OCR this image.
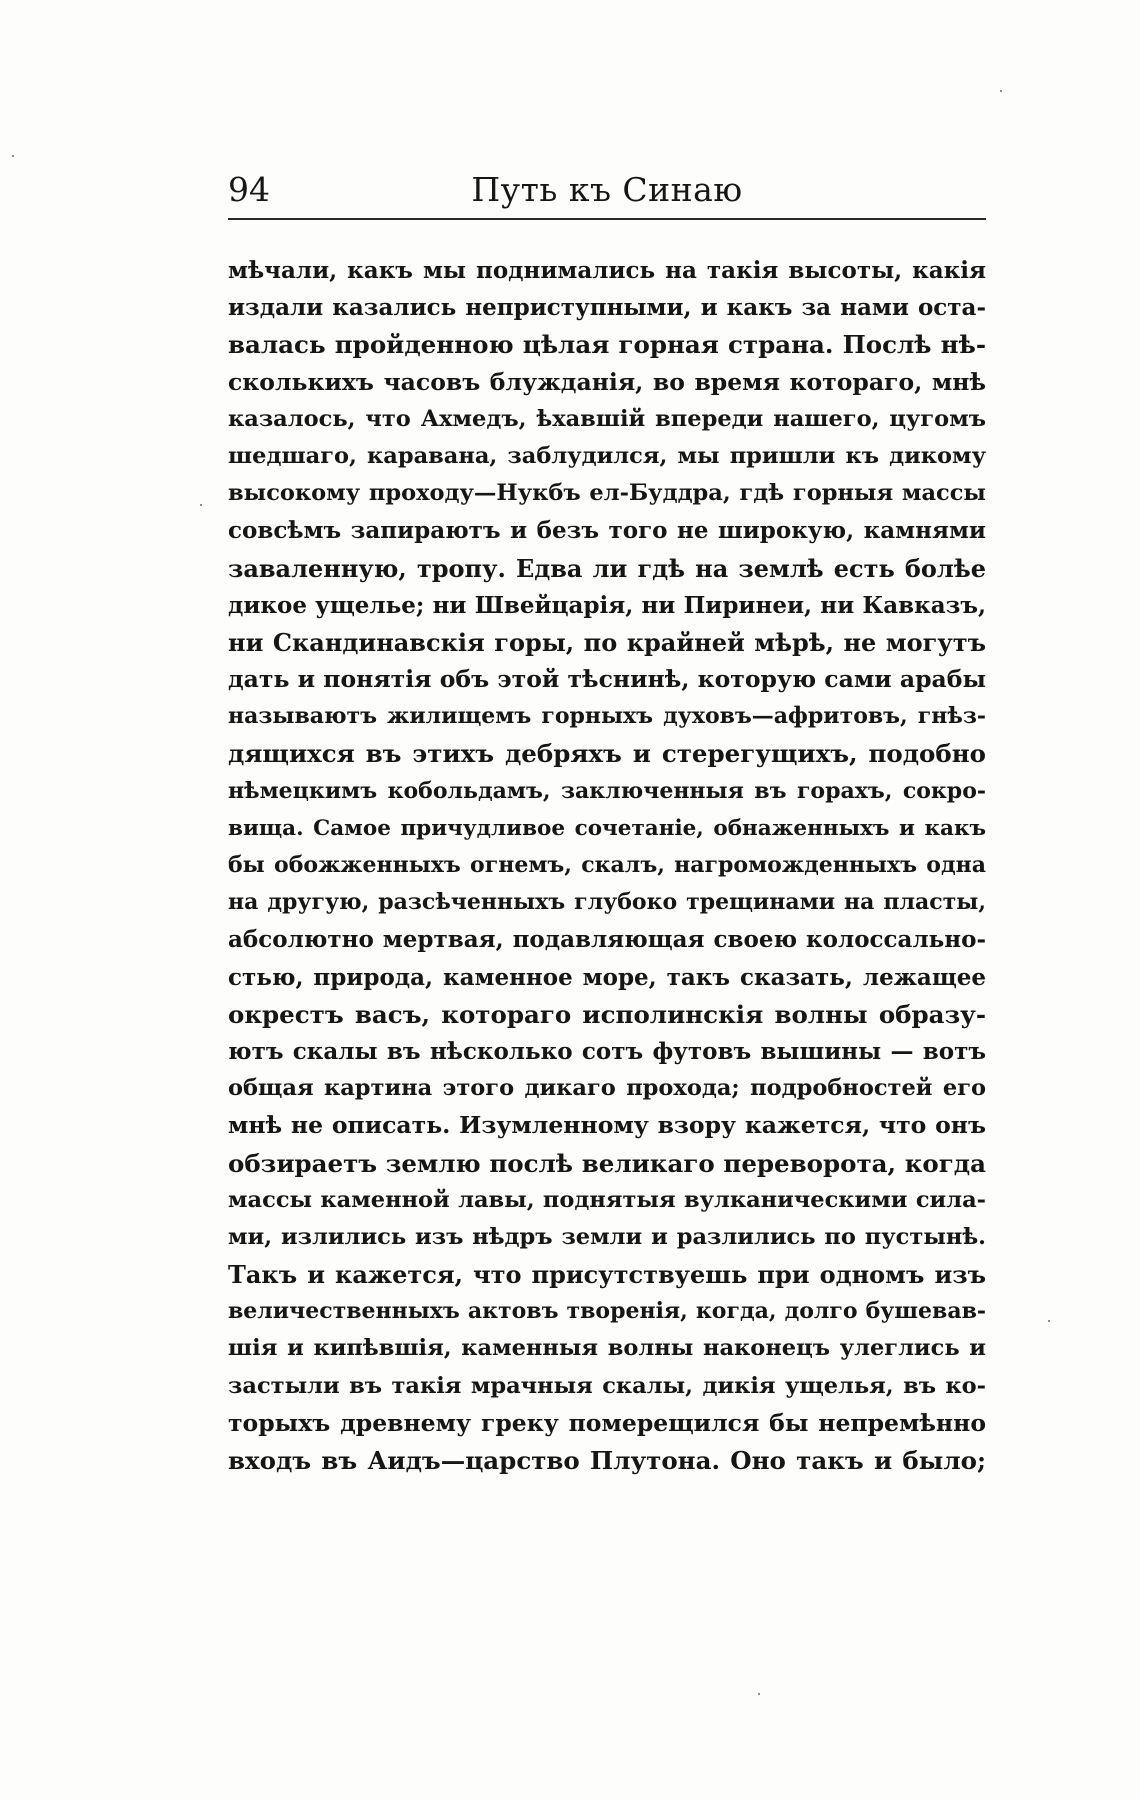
94	Путь къ Синаю
мѣчали, какъ мы поднимались на такія высоты, какія
издали казались неприступными, и какъ за нами оста-
валась пройденною цѣлая горная страна. Послѣ нѣ-
сколькихъ часовъ блужданія, во время котораго, мнѣ
казалось, что Ахмедъ, ѣхавшій впереди нашего, цугомъ
шедшаго, каравана, заблудился, мы пришли къ дикому
высокому проходу—Нукбъ ел-Буддра, гдѣ горныя массы
совсѣмъ запираютъ и безъ того не широкую, камнями
заваленную, тропу. Едва ли гдѣ на землѣ есть болѣе
дикое ущелье; ни Швейцарія, ни Пиринеи, ни Кавказъ,
ни Скандинавскія горы, по крайней мѣрѣ, не могутъ
дать и понятія объ этой тѣснинѣ, которую сами арабы
называютъ жилищемъ горныхъ духовъ—афритовъ, гнѣз-
дящихся въ этихъ дебряхъ и стерегущихъ, подобно
нѣмецкимъ кобольдамъ, заключенныя въ горахъ, сокро-
вища. Самое причудливое сочетаніе, обнаженныхъ и какъ
бы обожженныхъ огнемъ, скалъ, нагроможденныхъ одна
на другую, разсѣченныхъ глубоко трещинами на пласты,
абсолютно мертвая, подавляющая своею колоссально-
стью, природа, каменное море, такъ сказать, лежащее
окрестъ васъ, котораго исполинскія волны образу-
ютъ скалы въ нѣсколько сотъ футовъ вышины — вотъ
общая картина этого дикаго прохода; подробностей его
мнѣ не описать. Изумленному взору кажется, что онъ
обзираетъ землю послѣ великаго переворота, когда
массы каменной лавы, поднятыя вулканическими сила-
ми, излились изъ нѣдръ земли и разлились по пустынѣ.
Такъ и кажется, что присутствуешь при одномъ изъ
величественныхъ актовъ творенія, когда, долго бушевав-
шія и кипѣвшія, каменныя волны наконецъ улеглись и
застыли въ такія мрачныя скалы, дикія ущелья, въ ко-
торыхъ древнему греку померещился бы непремѣнно
входъ въ Аидъ—царство Плутона. Оно такъ и было;
